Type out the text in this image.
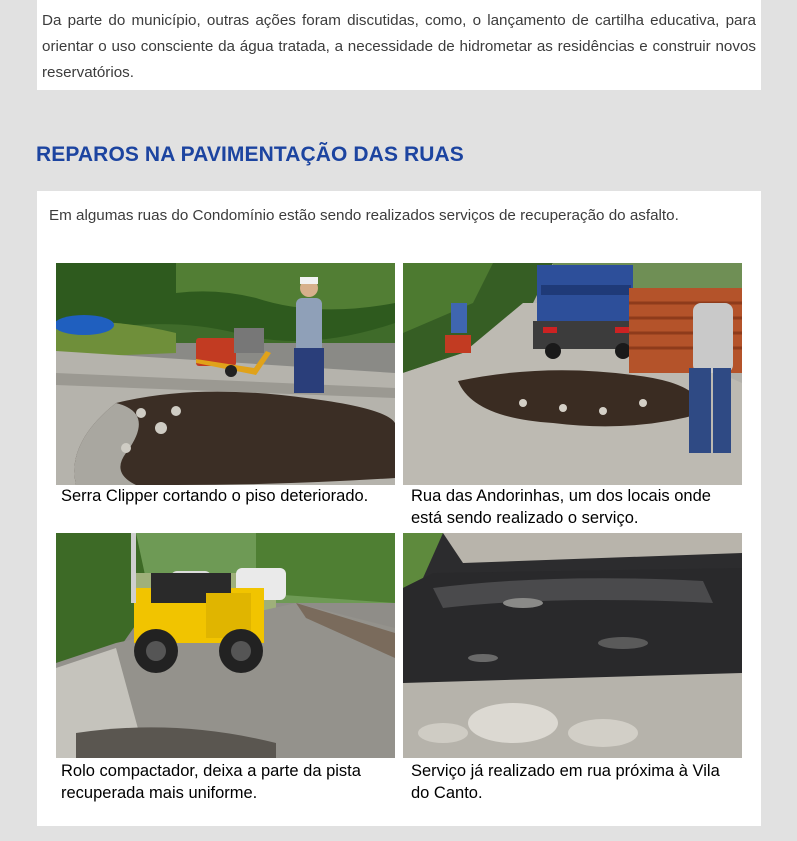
Da parte do município, outras ações foram discutidas, como, o lançamento de cartilha educativa, para orientar o uso consciente da água tratada, a necessidade de hidrometar as residências e construir novos reservatórios.

REPAROS NA PAVIMENTAÇÃO DAS RUAS

Em algumas ruas do Condomínio estão sendo realizados serviços de recuperação do asfalto.

Serra Clipper cortando o piso deteriorado.	Rua das Andorinhas, um dos locais onde está sendo realizado o serviço.

Rolo compactador, deixa a parte da pista recuperada mais uniforme.

Serviço já realizado em rua próxima à Vila do Canto.
